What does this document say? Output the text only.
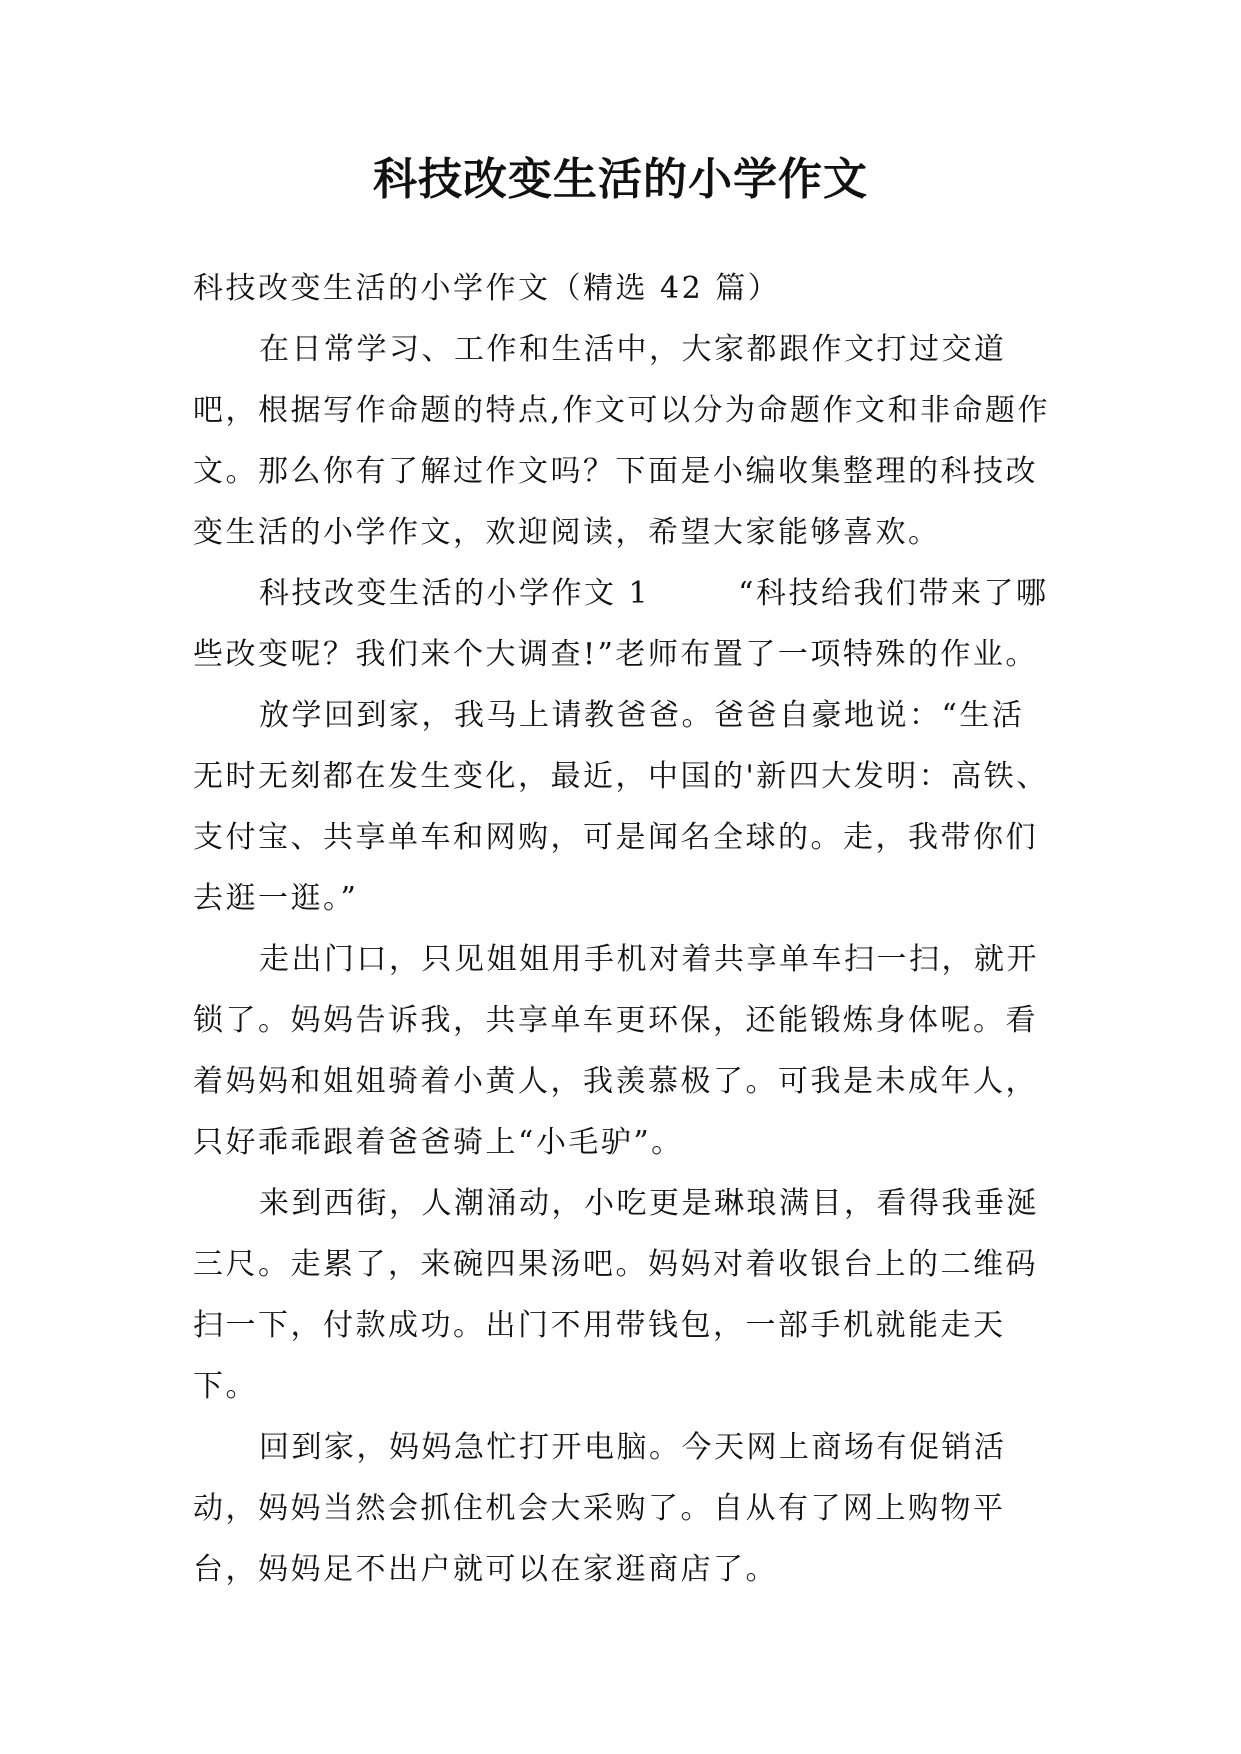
科技改变生活的小学作文

科技改变生活的小学作文（精选 42 篇）

在日常学习、工作和生活中，大家都跟作文打过交道吧，根据写作命题的特点,作文可以分为命题作文和非命题作文。那么你有了解过作文吗？下面是小编收集整理的科技改变生活的小学作文，欢迎阅读，希望大家能够喜欢。

科技改变生活的小学作文 1	“科技给我们带来了哪些改变呢？我们来个大调查!”老师布置了一项特殊的作业。

放学回到家，我马上请教爸爸。爸爸自豪地说：“生活无时无刻都在发生变化，最近，中国的'新四大发明：高铁、支付宝、共享单车和网购，可是闻名全球的。走，我带你们去逛一逛。”

走出门口，只见姐姐用手机对着共享单车扫一扫，就开锁了。妈妈告诉我，共享单车更环保，还能锻炼身体呢。看着妈妈和姐姐骑着小黄人，我羡慕极了。可我是未成年人，只好乖乖跟着爸爸骑上“小毛驴”。

来到西街，人潮涌动，小吃更是琳琅满目，看得我垂涎三尺。走累了，来碗四果汤吧。妈妈对着收银台上的二维码扫一下，付款成功。出门不用带钱包，一部手机就能走天下。

回到家，妈妈急忙打开电脑。今天网上商场有促销活动，妈妈当然会抓住机会大采购了。自从有了网上购物平台，妈妈足不出户就可以在家逛商店了。
